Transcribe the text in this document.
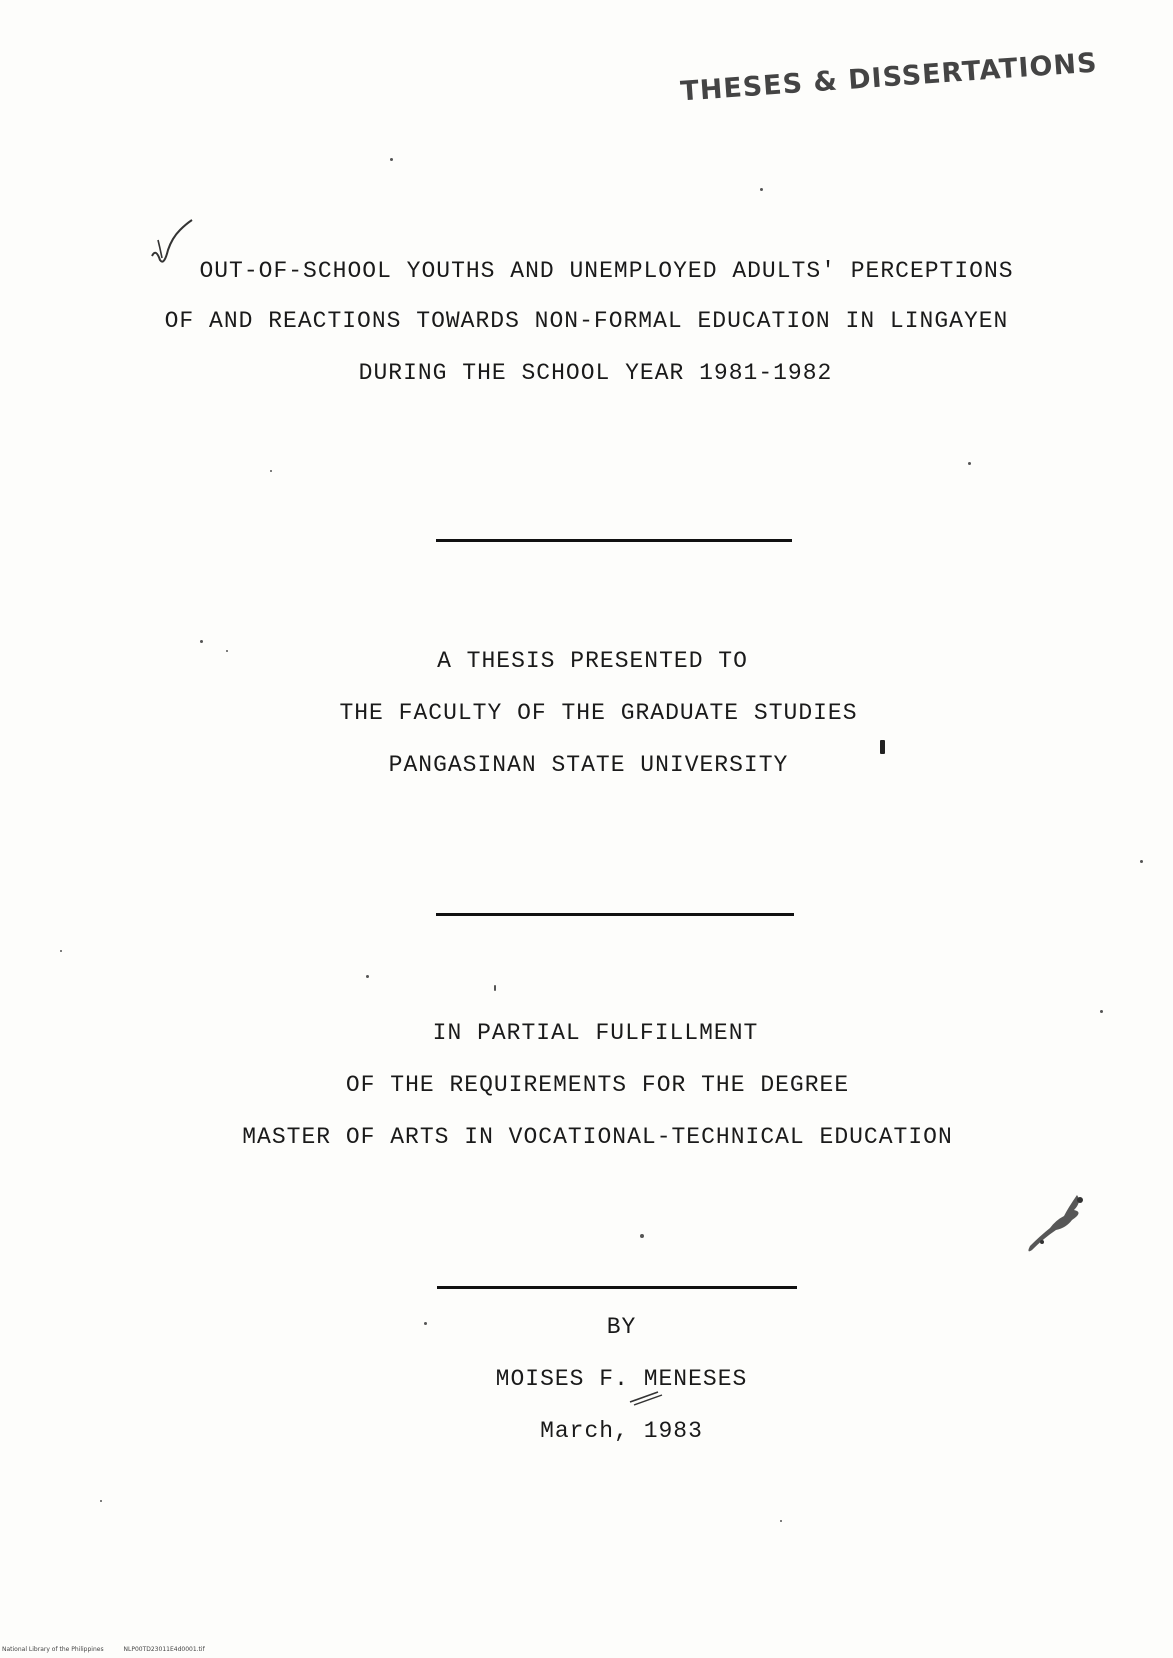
THESES & DISSERTATIONS
OUT-OF-SCHOOL YOUTHS AND UNEMPLOYED ADULTS' PERCEPTIONS
OF AND REACTIONS TOWARDS NON-FORMAL EDUCATION IN LINGAYEN
DURING THE SCHOOL YEAR 1981-1982
A THESIS PRESENTED TO
THE FACULTY OF THE GRADUATE STUDIES
PANGASINAN STATE UNIVERSITY
IN PARTIAL FULFILLMENT
OF THE REQUIREMENTS FOR THE DEGREE
MASTER OF ARTS IN VOCATIONAL-TECHNICAL EDUCATION
BY
MOISES F. MENESES
March, 1983
National Library of the Philippines	NLP00TD23011E4d0001.tif
